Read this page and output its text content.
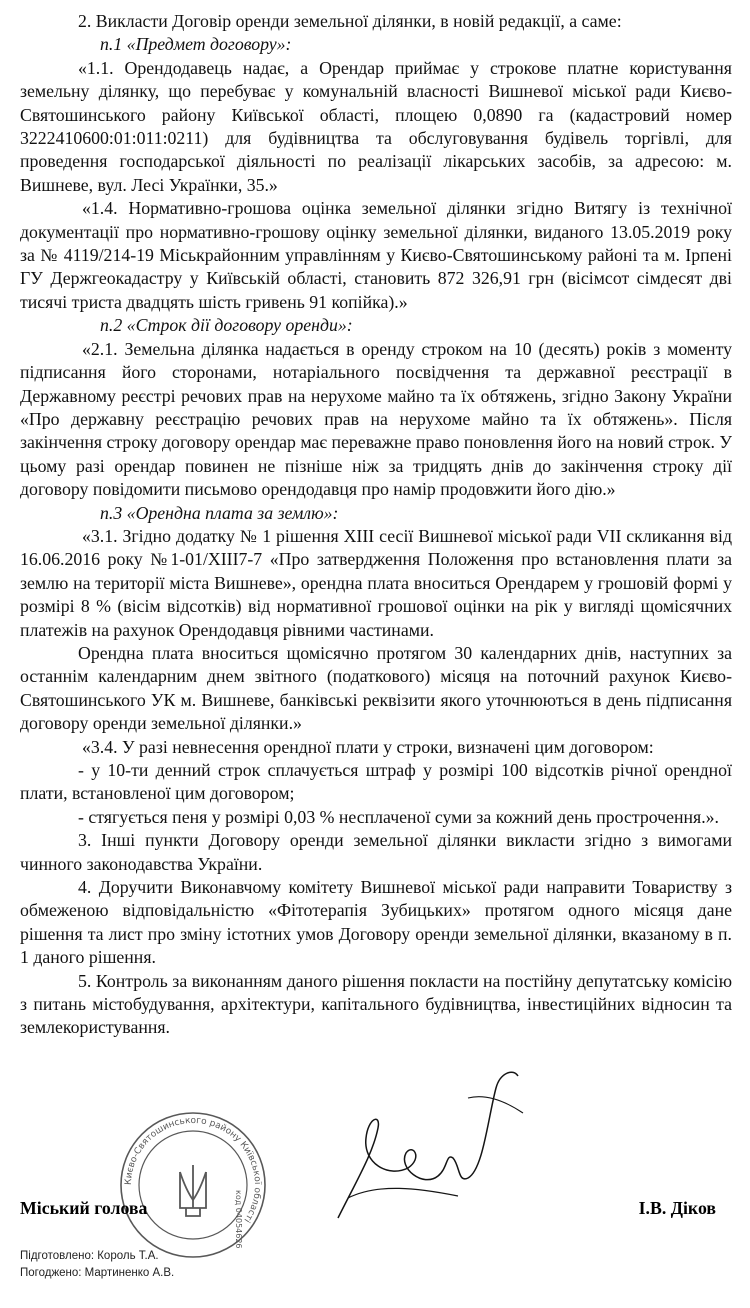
2. Викласти Договір оренди земельної ділянки, в новій редакції, а саме:

п.1 «Предмет договору»:

«1.1. Орендодавець надає, а Орендар приймає у строкове платне користування земельну ділянку, що перебуває у комунальній власності Вишневої міської ради Києво-Святошинського району Київської області, площею 0,0890 га (кадастровий номер 3222410600:01:011:0211) для будівництва та обслуговування будівель торгівлі, для проведення господарської діяльності по реалізації лікарських засобів, за адресою: м. Вишневе, вул. Лесі Українки, 35.»

«1.4. Нормативно-грошова оцінка земельної ділянки згідно Витягу із технічної документації про нормативно-грошову оцінку земельної ділянки, виданого 13.05.2019 року за № 4119/214-19 Міськрайонним управлінням у Києво-Святошинському районі та м. Ірпені ГУ Держгеокадастру у Київській області, становить 872 326,91 грн (вісімсот сімдесят дві тисячі триста двадцять шість гривень 91 копійка).»

п.2 «Строк дії договору оренди»:

«2.1. Земельна ділянка надається в оренду строком на 10 (десять) років з моменту підписання його сторонами, нотаріального посвідчення та державної реєстрації в Державному реєстрі речових прав на нерухоме майно та їх обтяжень, згідно Закону України «Про державну реєстрацію речових прав на нерухоме майно та їх обтяжень». Після закінчення строку договору орендар має переважне право поновлення його на новий строк. У цьому разі орендар повинен не пізніше ніж за тридцять днів до закінчення строку дії договору повідомити письмово орендодавця про намір продовжити його дію.»

п.3 «Орендна плата за землю»:

«3.1. Згідно додатку № 1 рішення XIII сесії Вишневої міської ради VII скликання від 16.06.2016 року №1-01/XIII7-7 «Про затвердження Положення про встановлення плати за землю на території міста Вишневе», орендна плата вноситься Орендарем у грошовій формі у розмірі 8 % (вісім відсотків) від нормативної грошової оцінки на рік у вигляді щомісячних платежів на рахунок Орендодавця рівними частинами.

Орендна плата вноситься щомісячно протягом 30 календарних днів, наступних за останнім календарним днем звітного (податкового) місяця на поточний рахунок Києво-Святошинського УК м. Вишневе, банківські реквізити якого уточнюються в день підписання договору оренди земельної ділянки.»

«3.4. У разі невнесення орендної плати у строки, визначені цим договором:

- у 10-ти денний строк сплачується штраф у розмірі 100 відсотків річної орендної плати, встановленої цим договором;

- стягується пеня у розмірі 0,03 % несплаченої суми за кожний день прострочення.».

3. Інші пункти Договору оренди земельної ділянки викласти згідно з вимогами чинного законодавства України.

4. Доручити Виконавчому комітету Вишневої міської ради направити Товариству з обмеженою відповідальністю «Фітотерапія Зубицьких» протягом одного місяця дане рішення та лист про зміну істотних умов Договору оренди земельної ділянки, вказаному в п. 1 даного рішення.

5. Контроль за виконанням даного рішення покласти на постійну депутатську комісію з питань містобудування, архітектури, капітального будівництва, інвестиційних відносин та землекористування.

Києво-Святошинського району Київської області
код 04054626
Міський голова	І.В. Діков
Підготовлено: Король Т.А.
Погоджено: Мартиненко А.В.
